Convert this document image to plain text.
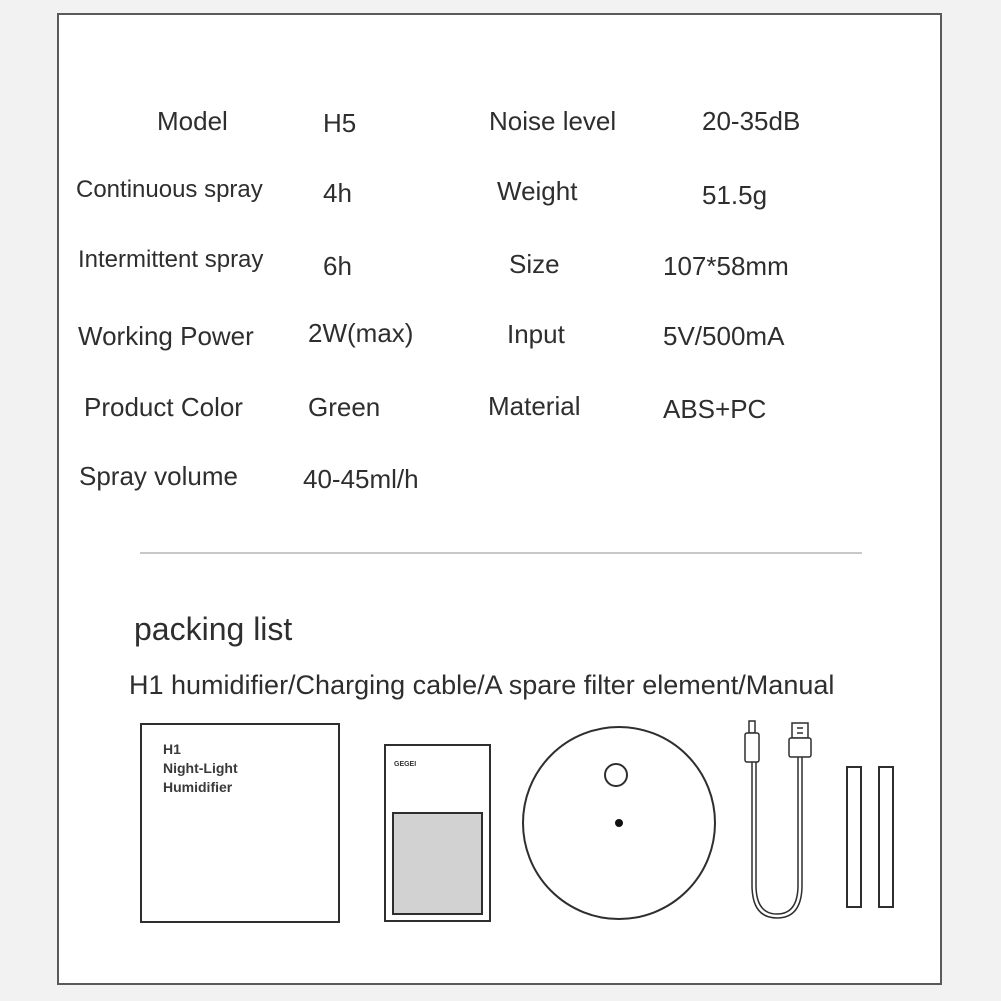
Model	H5	Noise level	20-35dB
Continuous spray 4h	Weight	51.5g
Intermittent spray 6h	Size	107*58mm
Working Power 2W(max)	Input	5V/500mA
Product Color	Green	Material	ABS+PC
Spray volume	40-45ml/h
packing list
H1 humidifier/Charging cable/A spare filter element/Manual
H1
Night-Light
Humidifier
GEGEI
